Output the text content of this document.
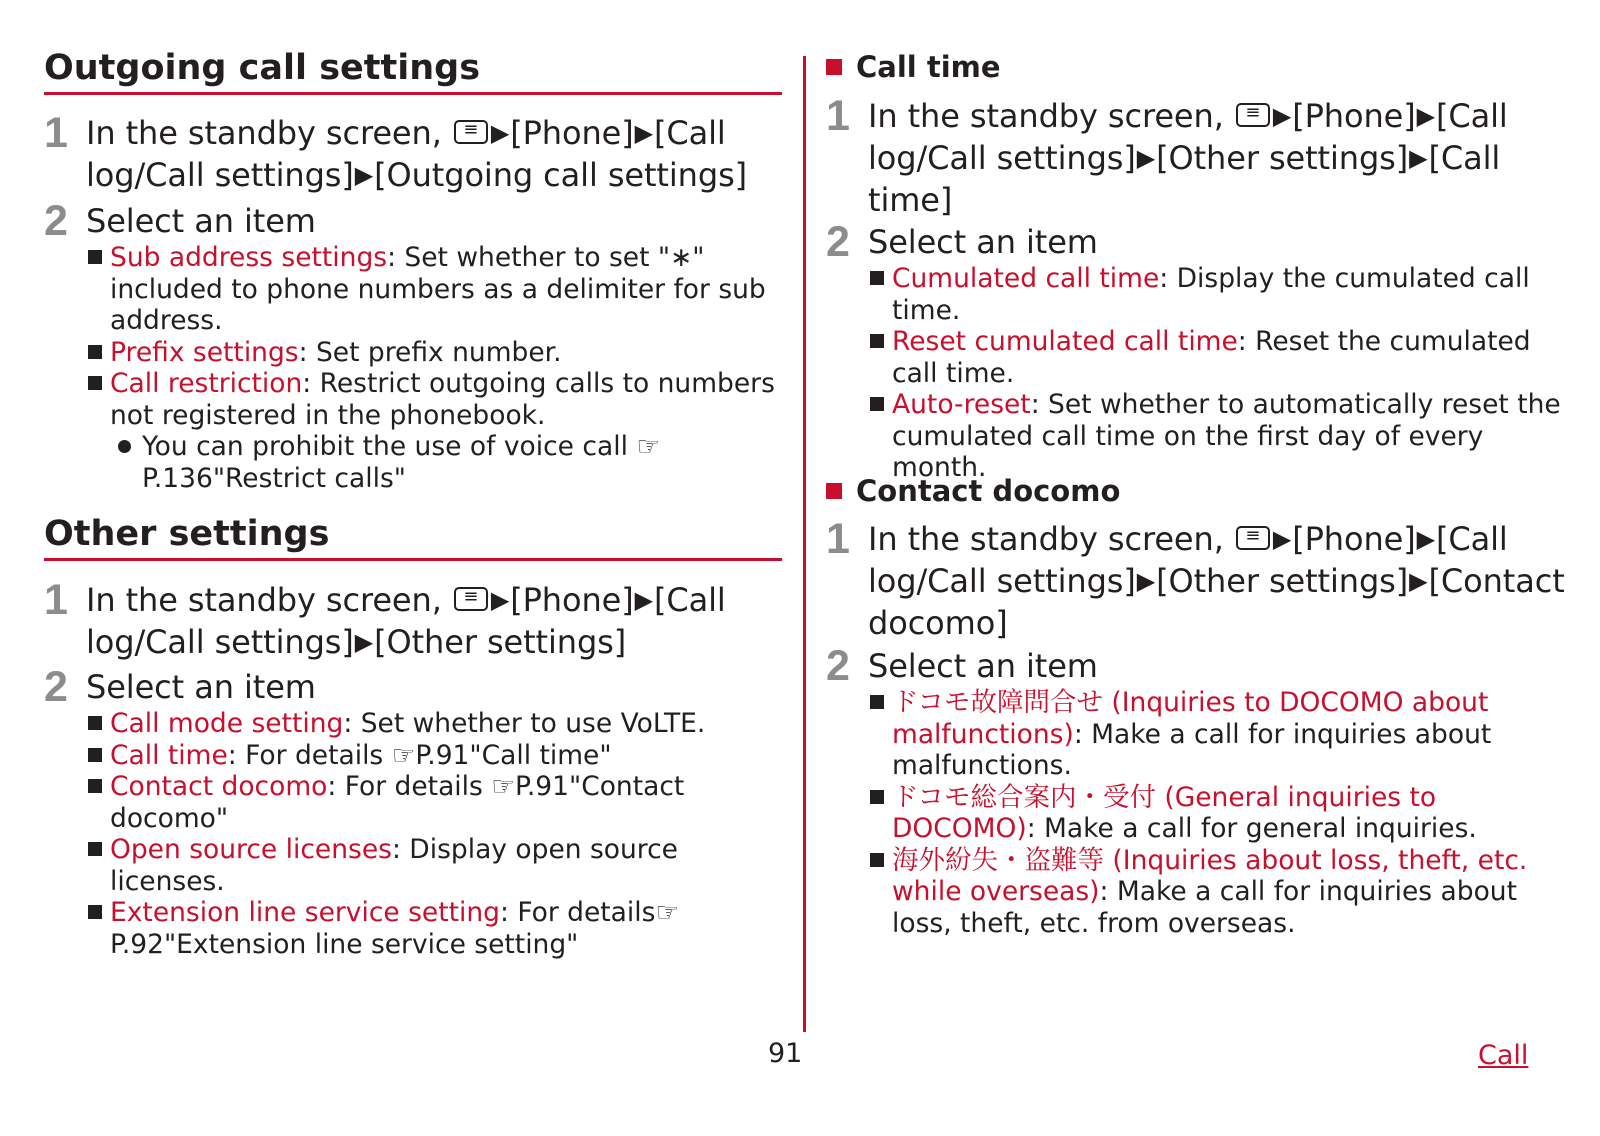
Outgoing call settings
1 In the standby screen, ≡▶[Phone]▶[Call log/Call settings]▶[Outgoing call settings]
2 Select an item
Sub address settings: Set whether to set "∗" included to phone numbers as a delimiter for sub address.
Prefix settings: Set prefix number.
Call restriction: Restrict outgoing calls to numbers not registered in the phonebook.
You can prohibit the use of voice call ☞ P.136"Restrict calls"
Other settings
1 In the standby screen, ≡▶[Phone]▶[Call log/Call settings]▶[Other settings]
2 Select an item
Call mode setting: Set whether to use VoLTE.
Call time: For details ☞P.91"Call time"
Contact docomo: For details ☞P.91"Contact docomo"
Open source licenses: Display open source licenses.
Extension line service setting: For details☞ P.92"Extension line service setting"
Call time
1 In the standby screen, ≡▶[Phone]▶[Call log/Call settings]▶[Other settings]▶[Call time]
2 Select an item
Cumulated call time: Display the cumulated call time.
Reset cumulated call time: Reset the cumulated call time.
Auto-reset: Set whether to automatically reset the cumulated call time on the first day of every month.
Contact docomo
1 In the standby screen, ≡▶[Phone]▶[Call log/Call settings]▶[Other settings]▶[Contact docomo]
2 Select an item
ドコモ故障問合せ (Inquiries to DOCOMO about malfunctions): Make a call for inquiries about malfunctions.
ドコモ総合案内・受付 (General inquiries to DOCOMO): Make a call for general inquiries.
海外紛失・盗難等 (Inquiries about loss, theft, etc. while overseas): Make a call for inquiries about loss, theft, etc. from overseas.
91	Call
